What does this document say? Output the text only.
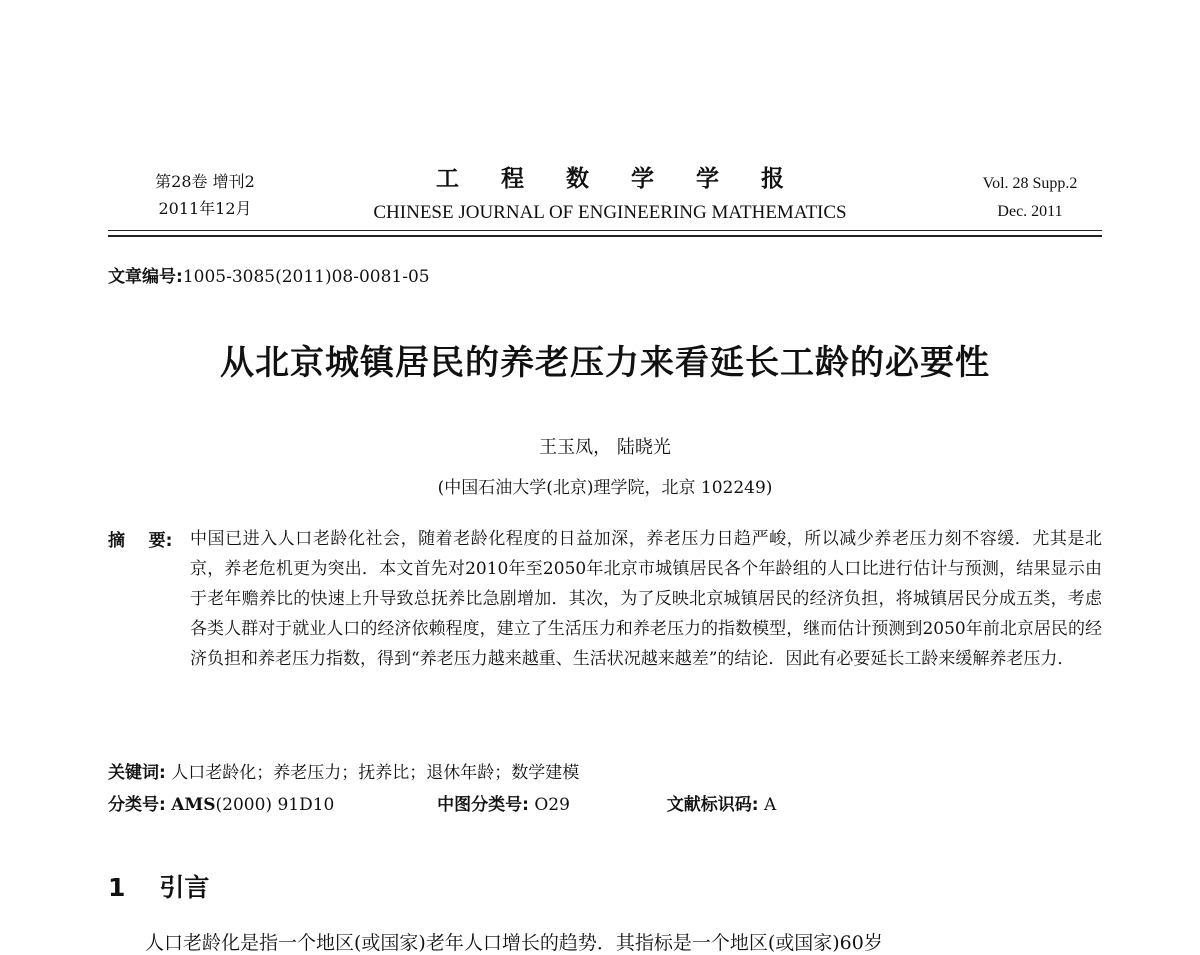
第28卷 增刊2
2011年12月
工程数学学报
CHINESE JOURNAL OF ENGINEERING MATHEMATICS
Vol. 28 Supp.2
Dec. 2011
文章编号:1005-3085(2011)08-0081-05
从北京城镇居民的养老压力来看延长工龄的必要性
王玉凤， 陆晓光
(中国石油大学(北京)理学院，北京 102249)
摘    要: 中国已进入人口老龄化社会，随着老龄化程度的日益加深，养老压力日趋严峻，所以减少养老压力刻不容缓．尤其是北京，养老危机更为突出．本文首先对2010年至2050年北京市城镇居民各个年龄组的人口比进行估计与预测，结果显示由于老年赡养比的快速上升导致总抚养比急剧增加．其次，为了反映北京城镇居民的经济负担，将城镇居民分成五类，考虑各类人群对于就业人口的经济依赖程度，建立了生活压力和养老压力的指数模型，继而估计预测到2050年前北京居民的经济负担和养老压力指数，得到“养老压力越来越重、生活状况越来越差”的结论．因此有必要延长工龄来缓解养老压力．
关键词: 人口老龄化；养老压力；抚养比；退休年龄；数学建模
分类号: AMS(2000) 91D10	中图分类号: O29	文献标识码: A
1 引言
人口老龄化是指一个地区(或国家)老年人口增长的趋势．其指标是一个地区(或国家)60岁
